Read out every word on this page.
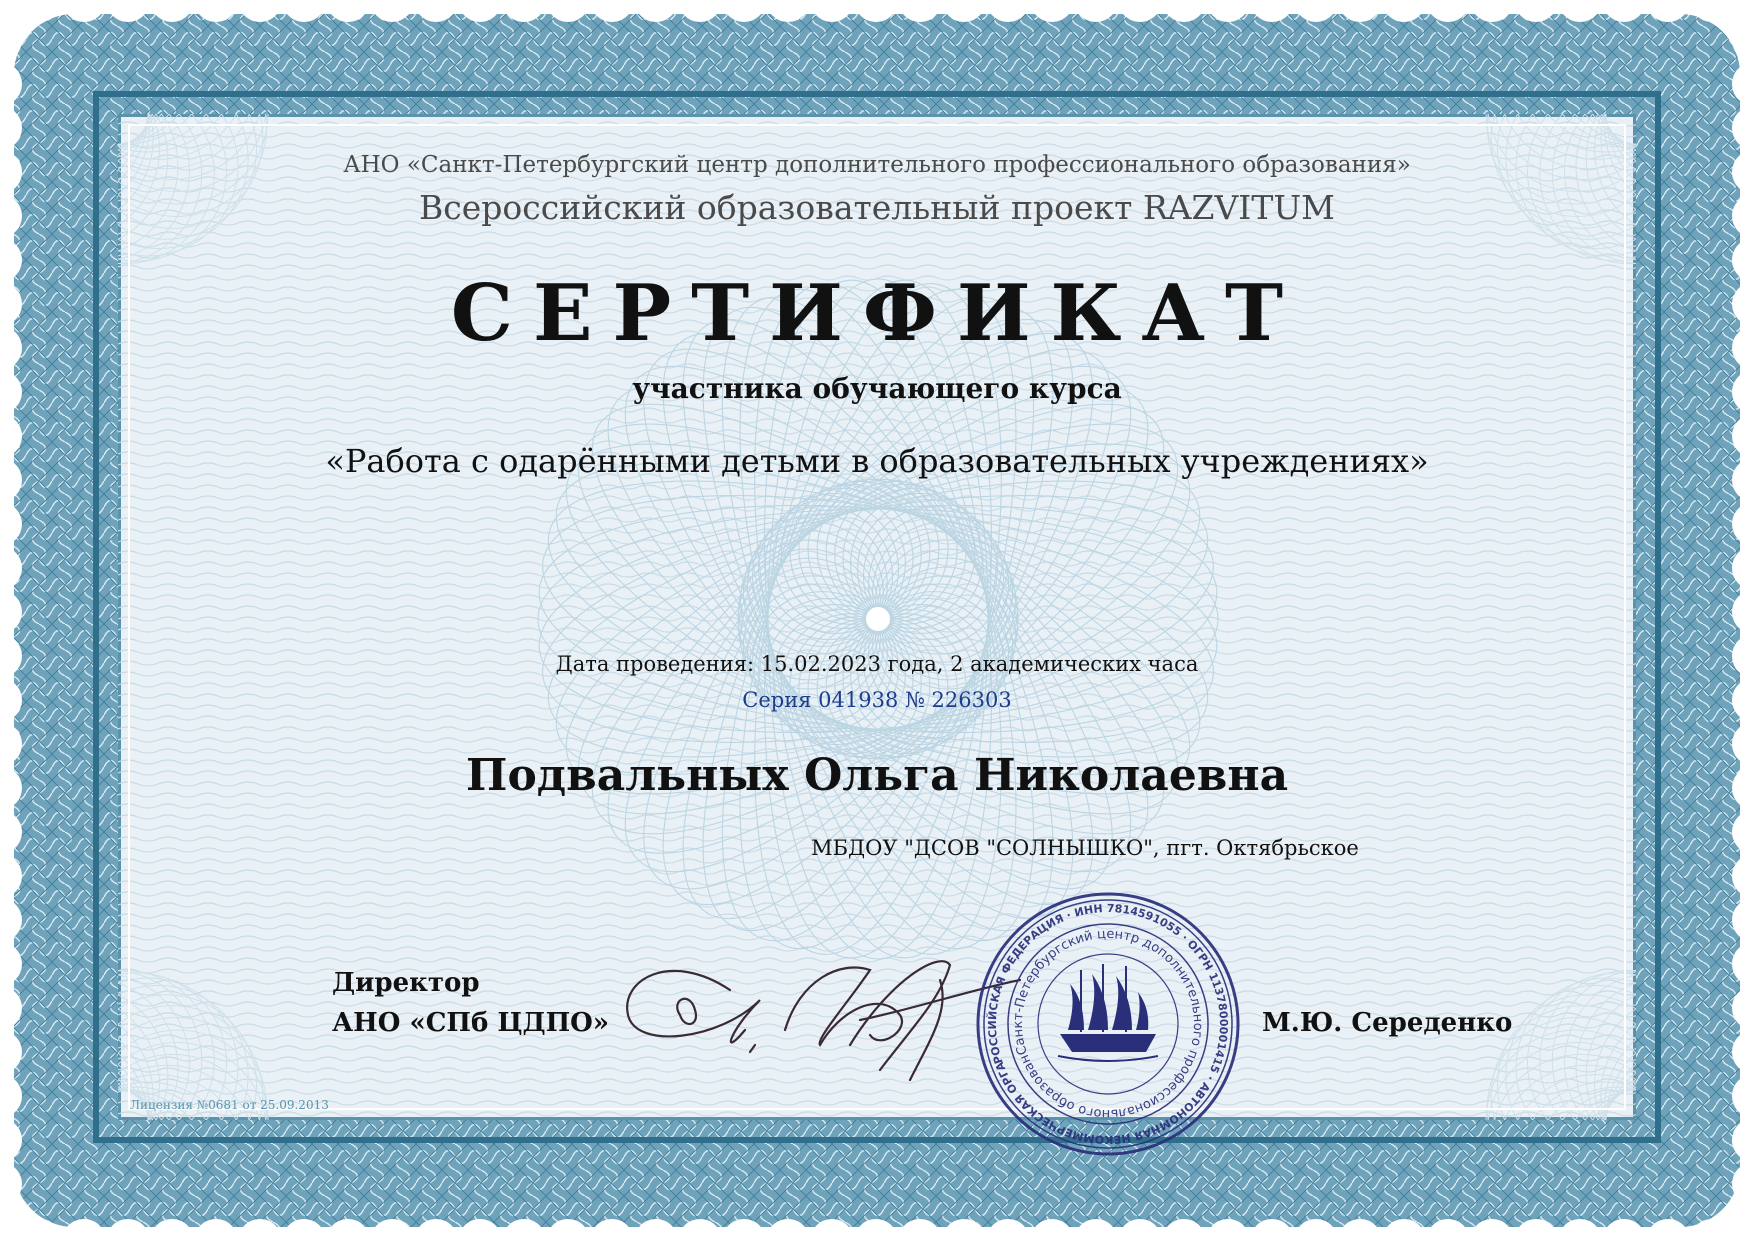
АНО «Санкт-Петербургский центр дополнительного профессионального образования»
Всероссийский образовательный проект RAZVITUM
СЕРТИФИКАТ
участника обучающего курса
«Работа с одарёнными детьми в образовательных учреждениях»
Дата проведения: 15.02.2023 года, 2 академических часа
Серия 041938 № 226303
Подвальных Ольга Николаевна
МБДОУ "ДСОВ "СОЛНЫШКО", пгт. Октябрьское
Директор
АНО «СПб ЦДПО»	М.Ю. Середенко
РОССИЙСКАЯ ФЕДЕРАЦИЯ · ИНН 7814591055 · ОГРН 1137800001415 · АВТОНОМНАЯ НЕКОММЕРЧЕСКАЯ ОРГАНИЗАЦИЯ
Санкт-Петербургский центр дополнительного профессионального образования
Лицензия №0681 от 25.09.2013
